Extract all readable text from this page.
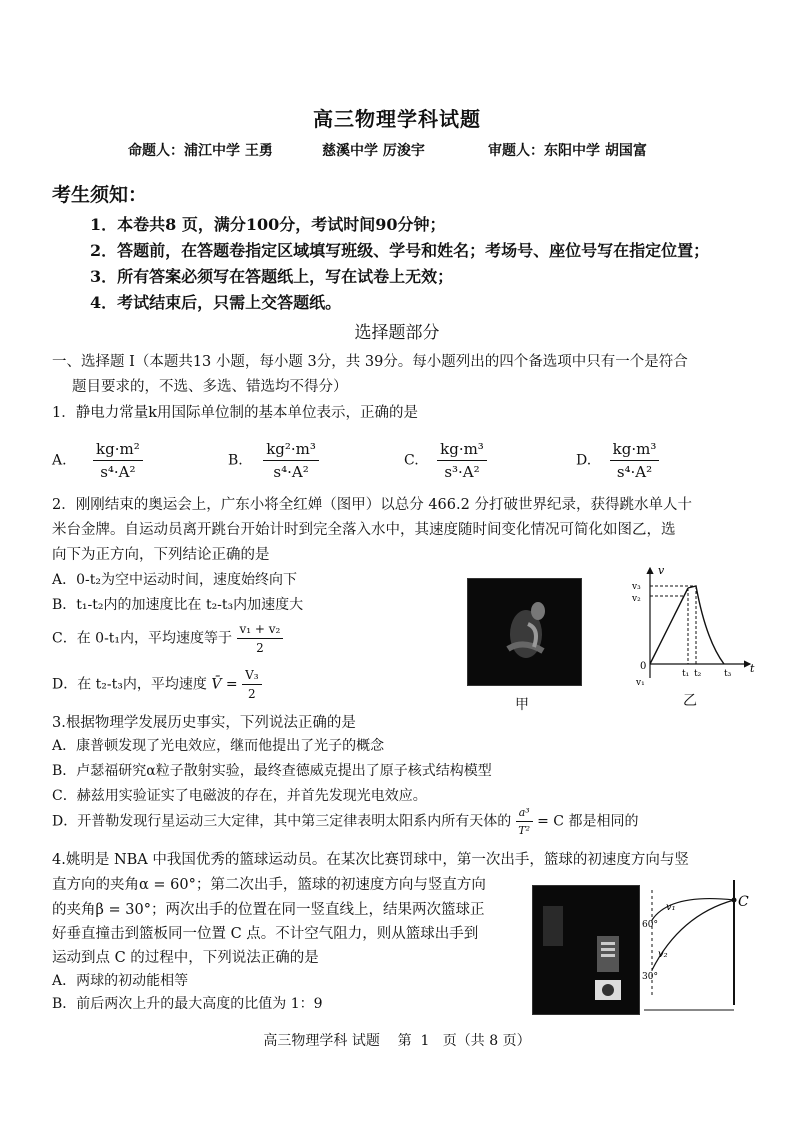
高三物理学科试题
命题人：浦江中学 王勇	慈溪中学 厉浚宇	审题人：东阳中学 胡国富
考生须知：
1．本卷共8 页，满分100分，考试时间90分钟；
2．答题前，在答题卷指定区域填写班级、学号和姓名；考场号、座位号写在指定位置；
3．所有答案必须写在答题纸上，写在试卷上无效；
4．考试结束后，只需上交答题纸。
选择题部分
一、选择题 I（本题共13 小题，每小题 3分，共 39分。每小题列出的四个备选项中只有一个是符合
题目要求的，不选、多选、错选均不得分）
1．静电力常量k用国际单位制的基本单位表示，正确的是
A. $\frac{\text{kg·m²}}{\text{s⁴·A²}}$	B. $\frac{\text{kg²·m³}}{\text{s⁴·A²}}$	C. $\frac{\text{kg·m³}}{\text{s³·A²}}$	D. $\frac{\text{kg·m³}}{\text{s⁴·A²}}$
2．刚刚结束的奥运会上，广东小将全红婵（图甲）以总分 466.2 分打破世界纪录，获得跳水单人十
米台金牌。自运动员离开跳台开始计时到完全落入水中，其速度随时间变化情况可简化如图乙，选
向下为正方向，下列结论正确的是
A．0-t₂为空中运动时间，速度始终向下
B．t₁-t₂内的加速度比在 t₂-t₃内加速度大
C．在 0-t₁内，平均速度等于 $\frac{\text{v₁ + v₂}}{2}$
D．在 t₂-t₃内，平均速度 V̄ = $\frac{\text{V₃}}{2}$
甲
v
t
0
v₃
v₂
v₁
t₁ t₂	t₃
乙
3.根据物理学发展历史事实，下列说法正确的是
A．康普顿发现了光电效应，继而他提出了光子的概念
B．卢瑟福研究α粒子散射实验，最终查德威克提出了原子核式结构模型
C．赫兹用实验证实了电磁波的存在，并首先发现光电效应。
D．开普勒发现行星运动三大定律，其中第三定律表明太阳系内所有天体的 $\frac{\text{a³}}{\text{T²}} = C$ 都是相同的
4.姚明是 NBA 中我国优秀的篮球运动员。在某次比赛罚球中，第一次出手，篮球的初速度方向与竖
直方向的夹角α = 60°；第二次出手，篮球的初速度方向与竖直方向
的夹角β = 30°；两次出手的位置在同一竖直线上，结果两次篮球正
好垂直撞击到篮板同一位置 C 点。不计空气阻力，则从篮球出手到
运动到点 C 的过程中，下列说法正确的是
A．两球的初动能相等
B．前后两次上升的最大高度的比值为 1：9
C
60°
30°
v₁
v₂
高三物理学科 试题    第  1   页（共 8 页）
